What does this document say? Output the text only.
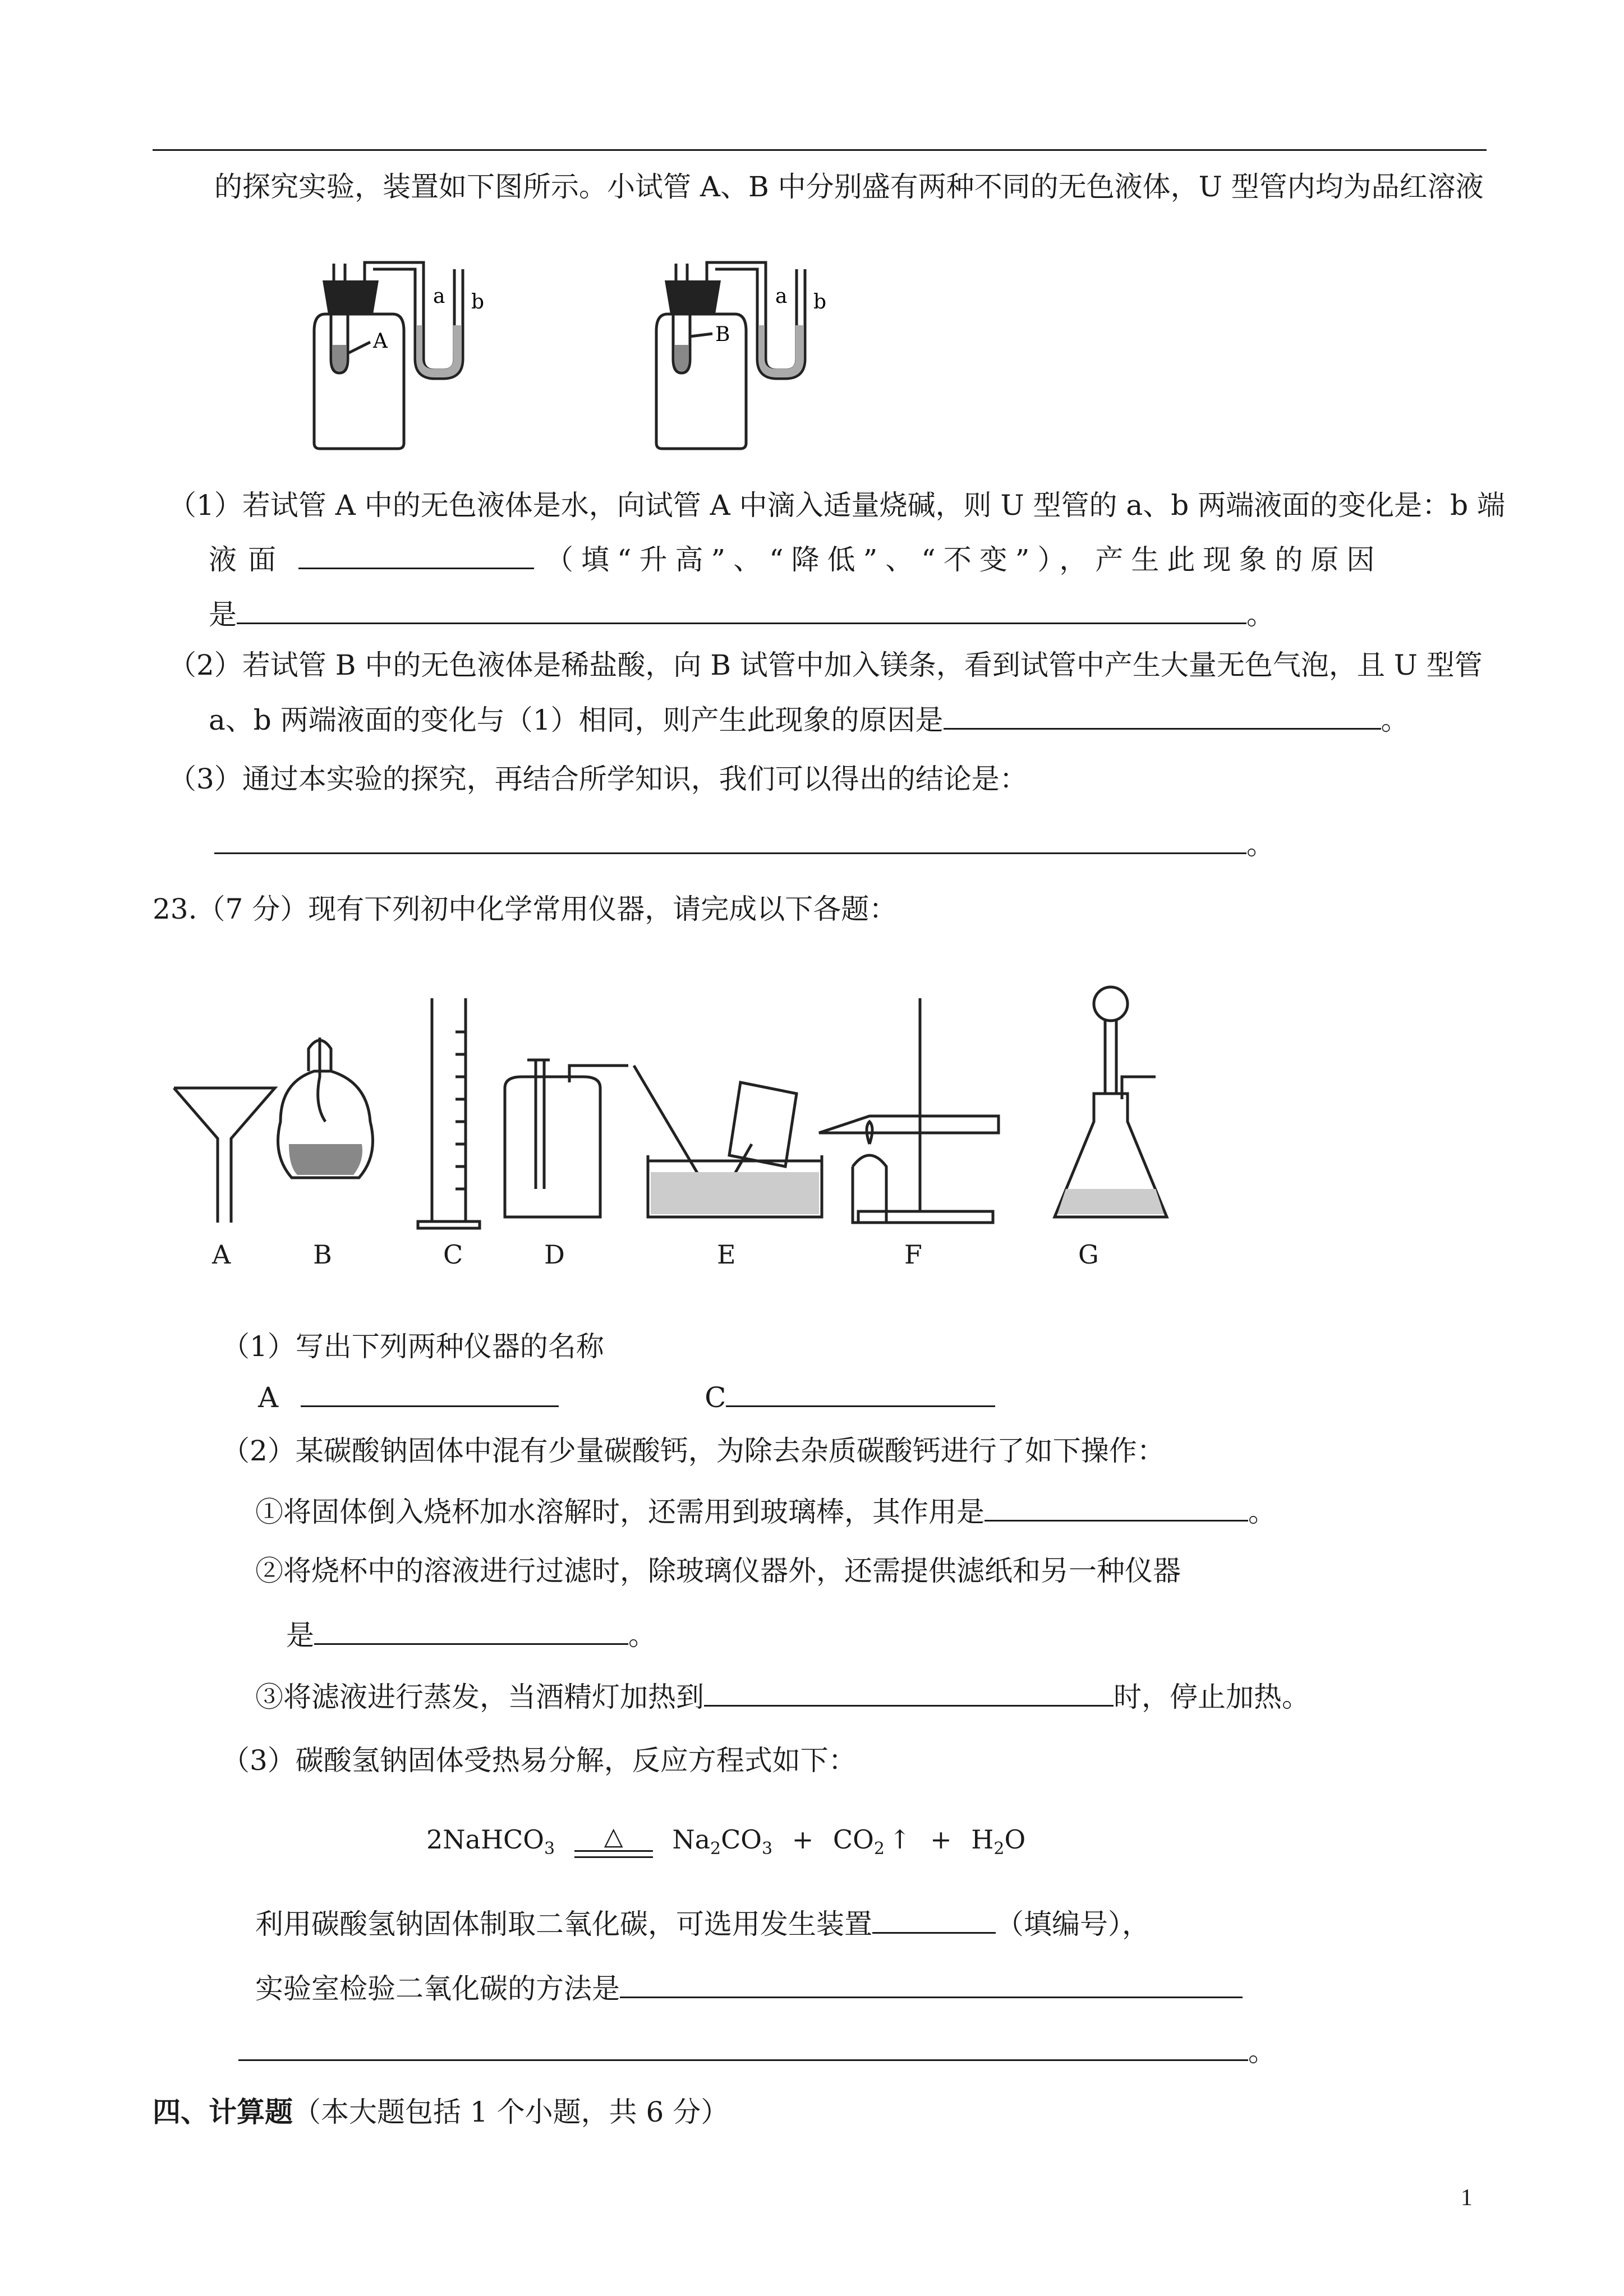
的探究实验，装置如下图所示。小试管 A、B 中分别盛有两种不同的无色液体，U 型管内均为品红溶液
a b
A
a b
B
（1）若试管 A 中的无色液体是水，向试管 A 中滴入适量烧碱，则 U 型管的 a、b 两端液面的变化是：b 端
液面	（填“升高”、“降低”、“不变”），产生此现象的原因
是	。
（2）若试管 B 中的无色液体是稀盐酸，向 B 试管中加入镁条，看到试管中产生大量无色气泡，且 U 型管
a、b 两端液面的变化与（1）相同，则产生此现象的原因是	。
（3）通过本实验的探究，再结合所学知识，我们可以得出的结论是：
。
23.（7 分）现有下列初中化学常用仪器，请完成以下各题：
A	B	C	D	E	F	G
（1）写出下列两种仪器的名称
A	C
（2）某碳酸钠固体中混有少量碳酸钙，为除去杂质碳酸钙进行了如下操作：
①将固体倒入烧杯加水溶解时，还需用到玻璃棒，其作用是	。
②将烧杯中的溶液进行过滤时，除玻璃仪器外，还需提供滤纸和另一种仪器
是	。
③将滤液进行蒸发，当酒精灯加热到	时，停止加热。
（3）碳酸氢钠固体受热易分解，反应方程式如下：
2NaHCO$_3$	△	$Na_2CO_3 + CO_2$ ↑ + $H_2O$
利用碳酸氢钠固体制取二氧化碳，可选用发生装置	（填编号），
实验室检验二氧化碳的方法是
。
四、计算题（本大题包括 1 个小题，共 6 分）
1
